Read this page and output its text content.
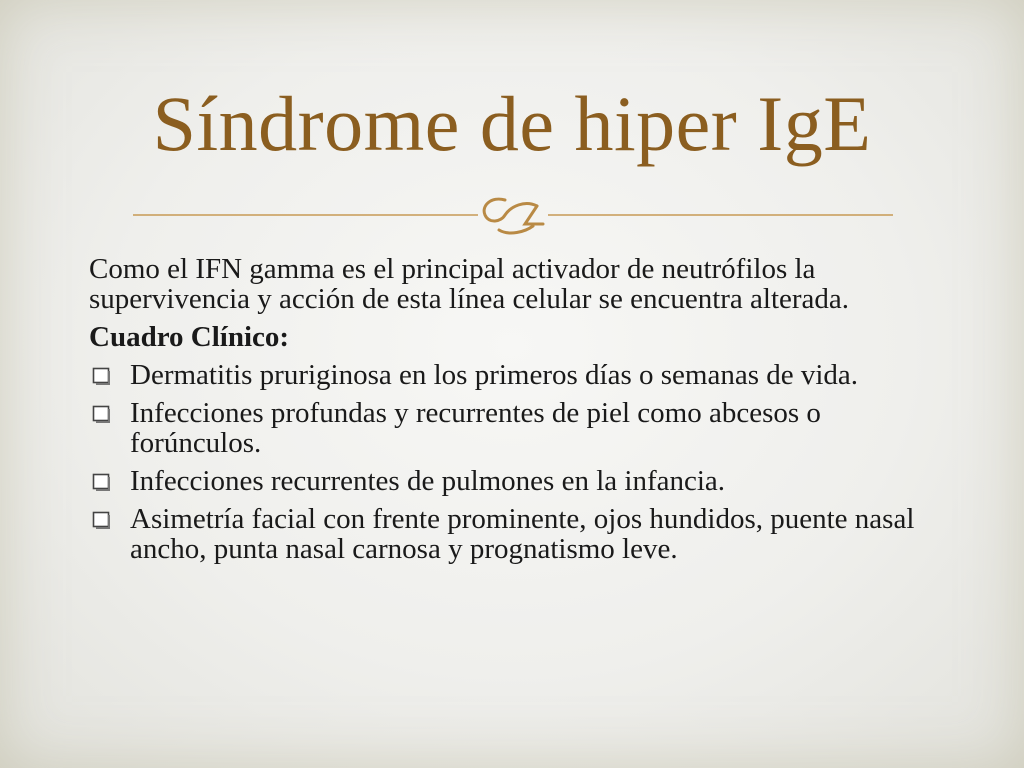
Síndrome de hiper IgE

Como el IFN gamma es el principal activador de neutrófilos la supervivencia y acción de esta línea celular se encuentra alterada.

Cuadro Clínico:

Dermatitis pruriginosa en los primeros días o semanas de vida.
Infecciones profundas y recurrentes de piel como abcesos o forúnculos.
Infecciones recurrentes de pulmones en la infancia.
Asimetría facial con frente prominente, ojos hundidos, puente nasal ancho, punta nasal carnosa y prognatismo leve.
